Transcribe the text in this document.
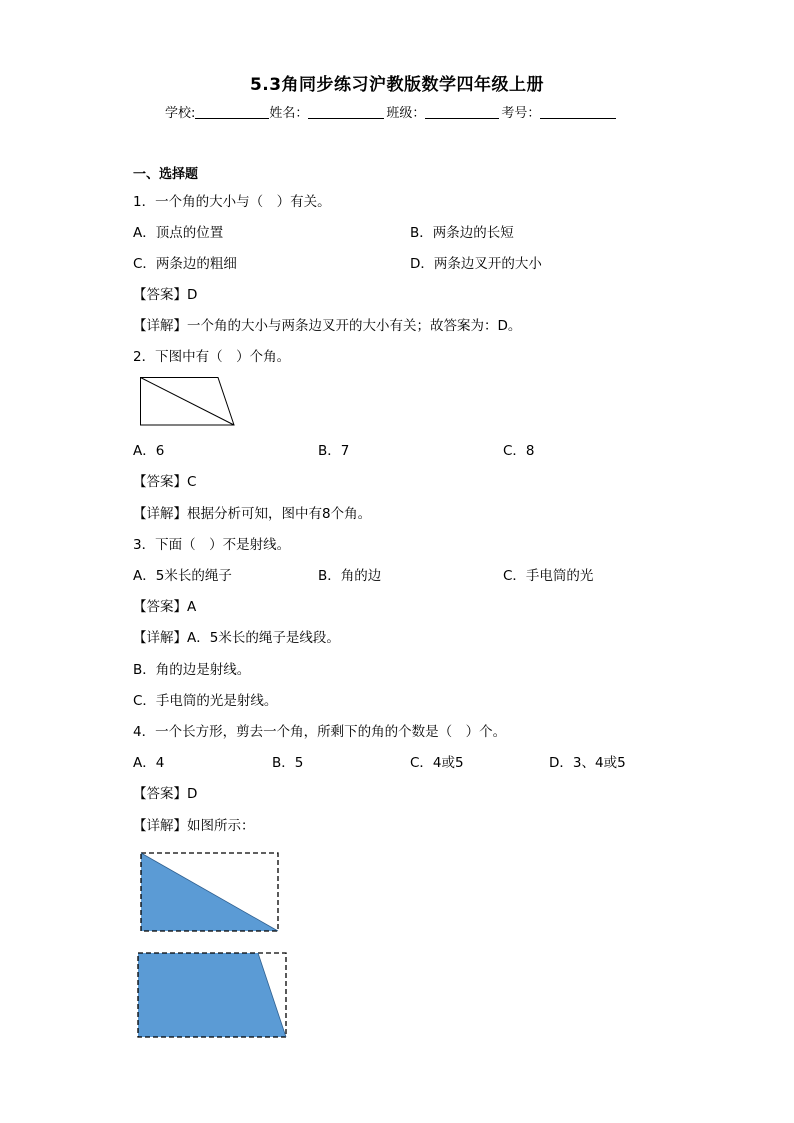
5.3角同步练习沪教版数学四年级上册
学校:	姓名：	班级：	考号：
一、选择题
1．一个角的大小与（　）有关。
A．顶点的位置	B．两条边的长短
C．两条边的粗细	D．两条边叉开的大小
【答案】D
【详解】一个角的大小与两条边叉开的大小有关；故答案为：D。
2．下图中有（　）个角。
A．6	B．7	C．8
【答案】C
【详解】根据分析可知，图中有8个角。
3．下面（　）不是射线。
A．5米长的绳子	B．角的边	C．手电筒的光
【答案】A
【详解】A．5米长的绳子是线段。
B．角的边是射线。
C．手电筒的光是射线。
4．一个长方形，剪去一个角，所剩下的角的个数是（　）个。
A．4	B．5	C．4或5	D．3、4或5
【答案】D
【详解】如图所示：
